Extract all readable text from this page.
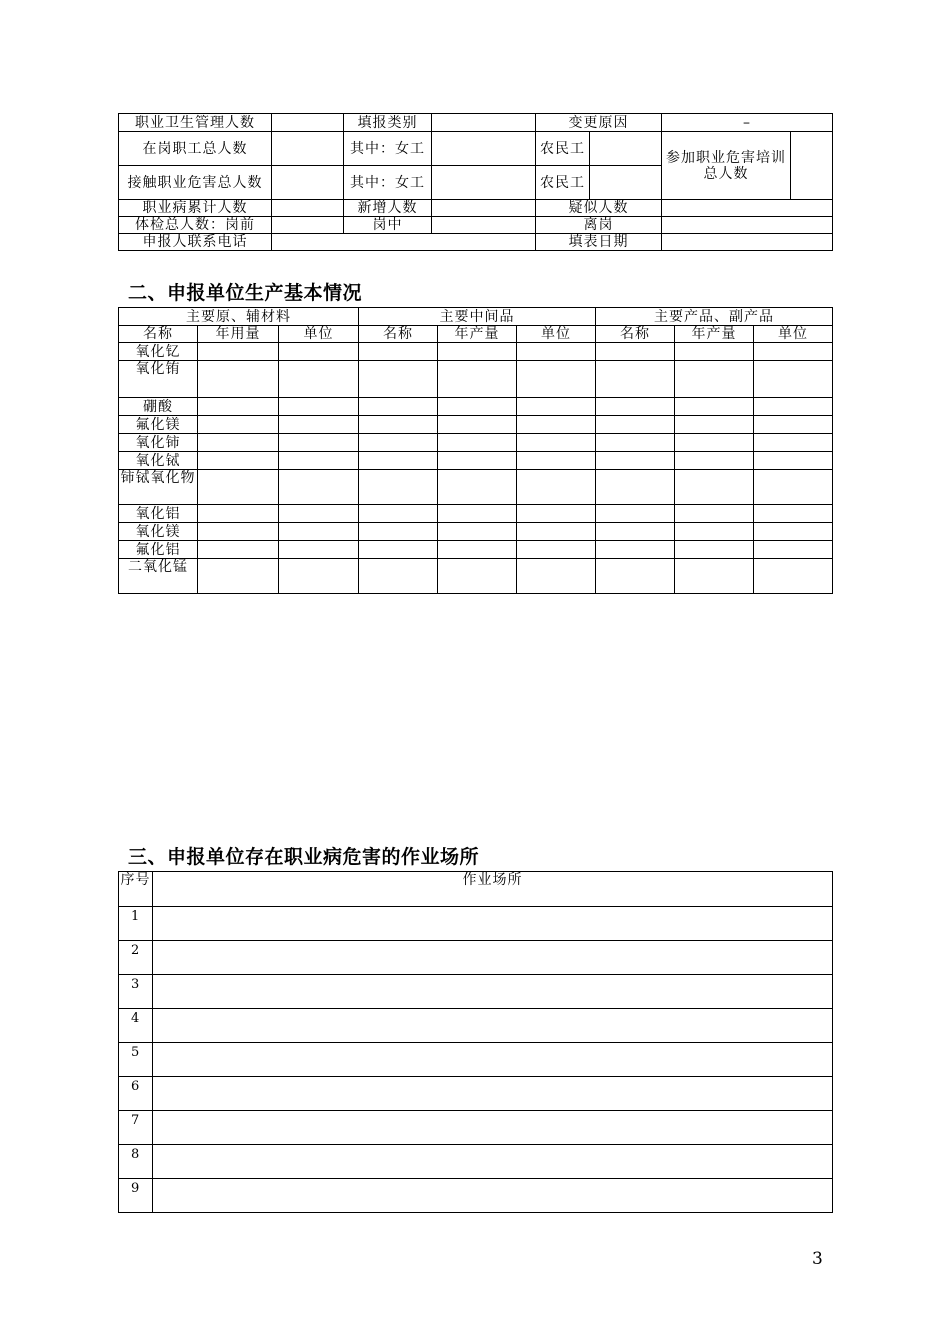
职业卫生管理人数		填报类别		变更原因		–	
在岗职工总人数		其中：女工		农民工		参加职业危害培训总人数	
接触职业危害总人数		其中：女工		农民工			
职业病累计人数		新增人数		疑似人数			
体检总人数：岗前		岗中		离岗			
申报人联系电话				填表日期			
二、申报单位生产基本情况
主要原、辅材料			主要中间品			主要产品、副产品		
名称	年用量	单位	名称	年产量	单位	名称	年产量	单位
氧化钇								
氧化铕								
硼酸								
氟化镁								
氧化铈								
氧化铽								
铈铽氧化物								
氧化铝								
氧化镁								
氟化铝								
二氧化锰								
三、申报单位存在职业病危害的作业场所
序号	作业场所
1	
2	
3	
4	
5	
6	
7	
8	
9	
3
